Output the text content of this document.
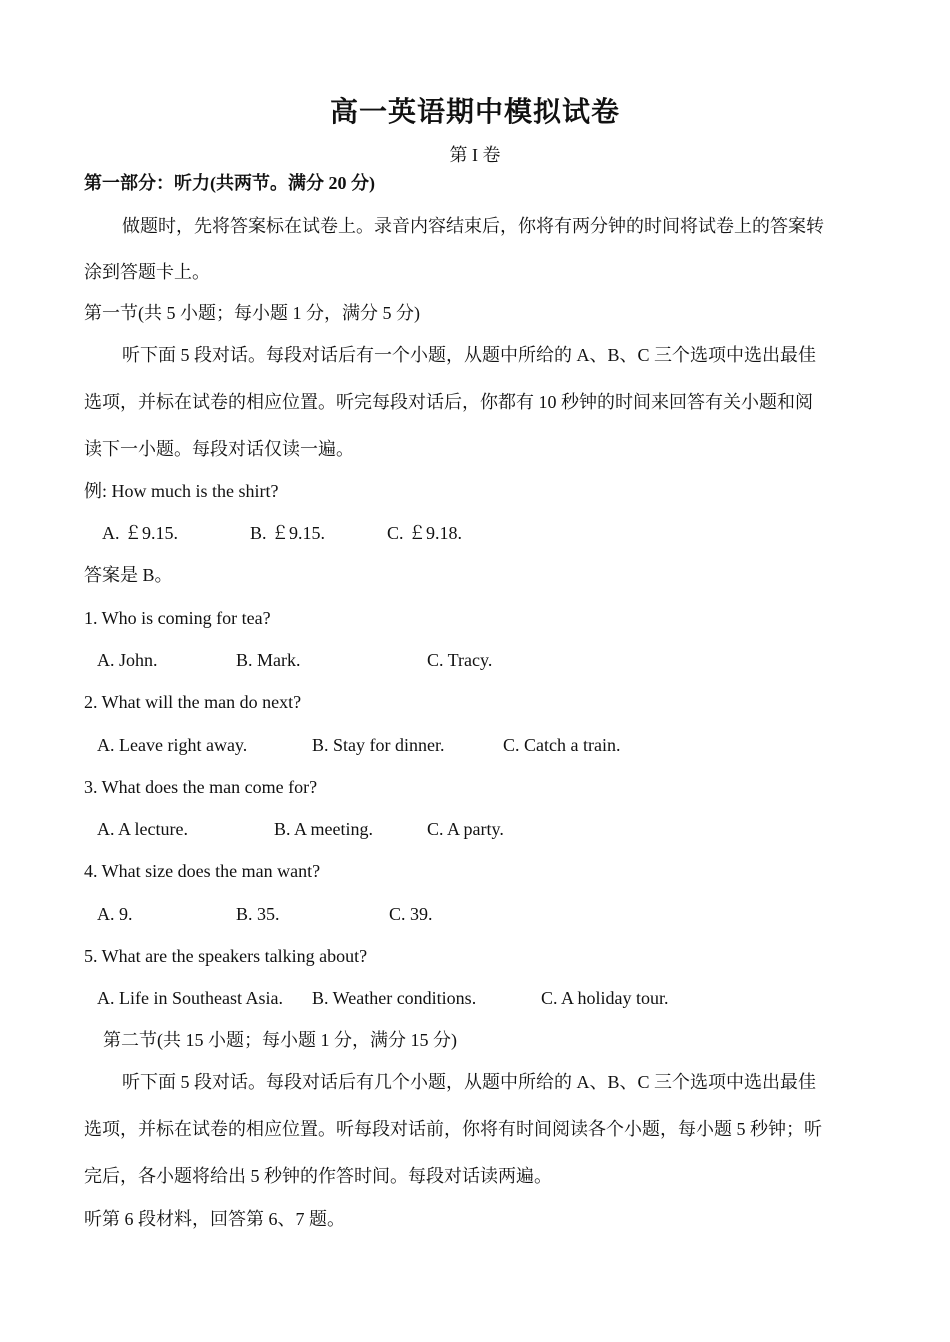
高一英语期中模拟试卷
第 I 卷
第一部分：听力(共两节。满分 20 分)
做题时，先将答案标在试卷上。录音内容结束后，你将有两分钟的时间将试卷上的答案转
涂到答题卡上。
第一节(共 5 小题；每小题 1 分，满分 5 分)
听下面 5 段对话。每段对话后有一个小题，从题中所给的 A、B、C 三个选项中选出最佳
选项，并标在试卷的相应位置。听完每段对话后，你都有 10 秒钟的时间来回答有关小题和阅
读下一小题。每段对话仅读一遍。
例: How much is the shirt?
A. ￡9.15.	B. ￡9.15.	C. ￡9.18.
答案是 B。
1. Who is coming for tea?
A. John.	B. Mark.	C. Tracy.
2. What will the man do next?
A. Leave right away.	B. Stay for dinner.	C. Catch a train.
3. What does the man come for?
A. A lecture.	B. A meeting.	C. A party.
4. What size does the man want?
A. 9.	B. 35.	C. 39.
5. What are the speakers talking about?
A. Life in Southeast Asia. B. Weather conditions.	C. A holiday tour.
第二节(共 15 小题；每小题 1 分，满分 15 分)
听下面 5 段对话。每段对话后有几个小题，从题中所给的 A、B、C 三个选项中选出最佳
选项，并标在试卷的相应位置。听每段对话前，你将有时间阅读各个小题，每小题 5 秒钟；听
完后，各小题将给出 5 秒钟的作答时间。每段对话读两遍。
听第 6 段材料，回答第 6、7 题。
